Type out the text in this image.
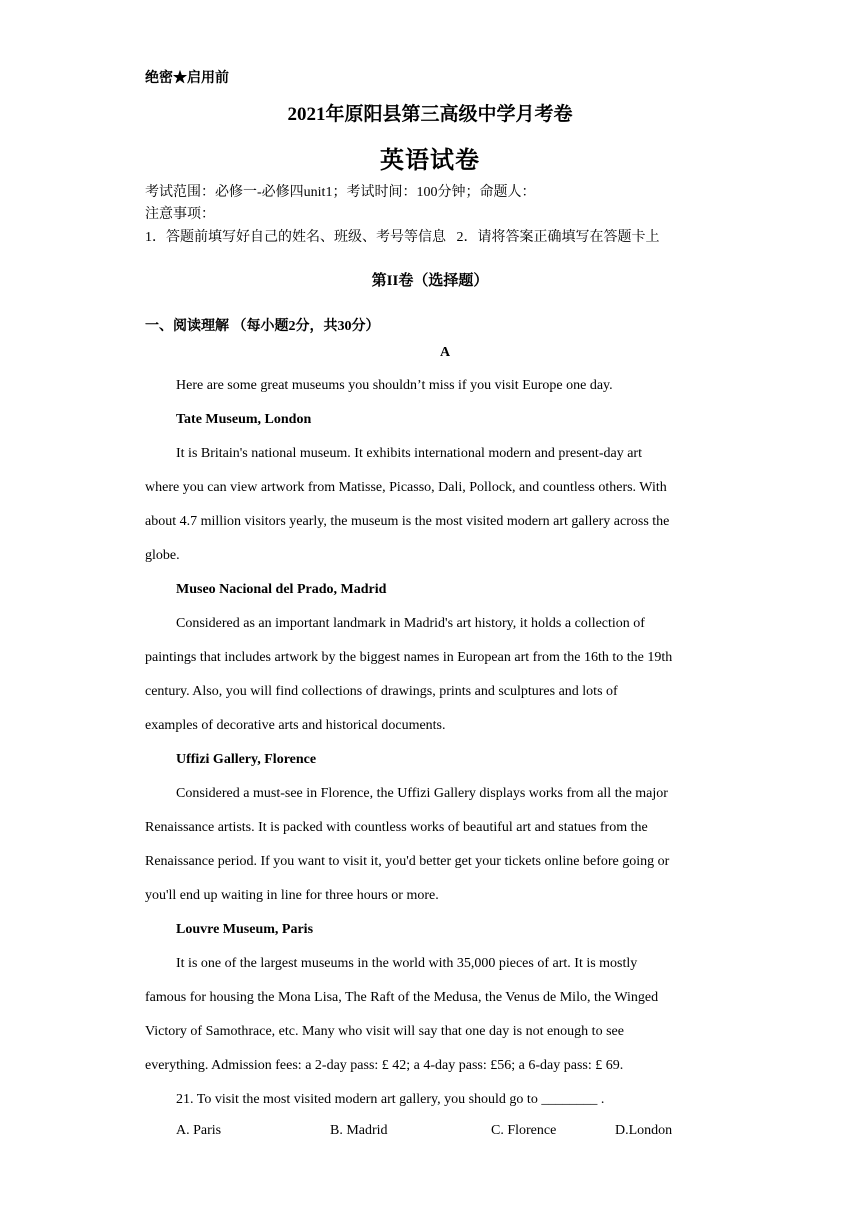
绝密★启用前
2021年原阳县第三高级中学月考卷
英语试卷
考试范围：必修一-必修四unit1；考试时间：100分钟；命题人：
注意事项：
1．答题前填写好自己的姓名、班级、考号等信息   2．请将答案正确填写在答题卡上
第II卷（选择题）
一、阅读理解 （每小题2分，共30分）
A
Here are some great museums you shouldn’t miss if you visit Europe one day.
Tate Museum, London
It is Britain's national museum. It exhibits international modern and present-day art
where you can view artwork from Matisse, Picasso, Dali, Pollock, and countless others. With
about 4.7 million visitors yearly, the museum is the most visited modern art gallery across the
globe.
Museo Nacional del Prado, Madrid
Considered as an important landmark in Madrid's art history, it holds a collection of
paintings that includes artwork by the biggest names in European art from the 16th to the 19th
century. Also, you will find collections of drawings, prints and sculptures and lots of
examples of decorative arts and historical documents.
Uffizi Gallery, Florence
Considered a must-see in Florence, the Uffizi Gallery displays works from all the major
Renaissance artists. It is packed with countless works of beautiful art and statues from the
Renaissance period. If you want to visit it, you'd better get your tickets online before going or
you'll end up waiting in line for three hours or more.
Louvre Museum, Paris
It is one of the largest museums in the world with 35,000 pieces of art. It is mostly
famous for housing the Mona Lisa, The Raft of the Medusa, the Venus de Milo, the Winged
Victory of Samothrace, etc. Many who visit will say that one day is not enough to see
everything. Admission fees: a 2-day pass: £ 42; a 4-day pass: £56; a 6-day pass: £ 69.
21. To visit the most visited modern art gallery, you should go to ________ .
A. Paris	B. Madrid	C. Florence	D.London
